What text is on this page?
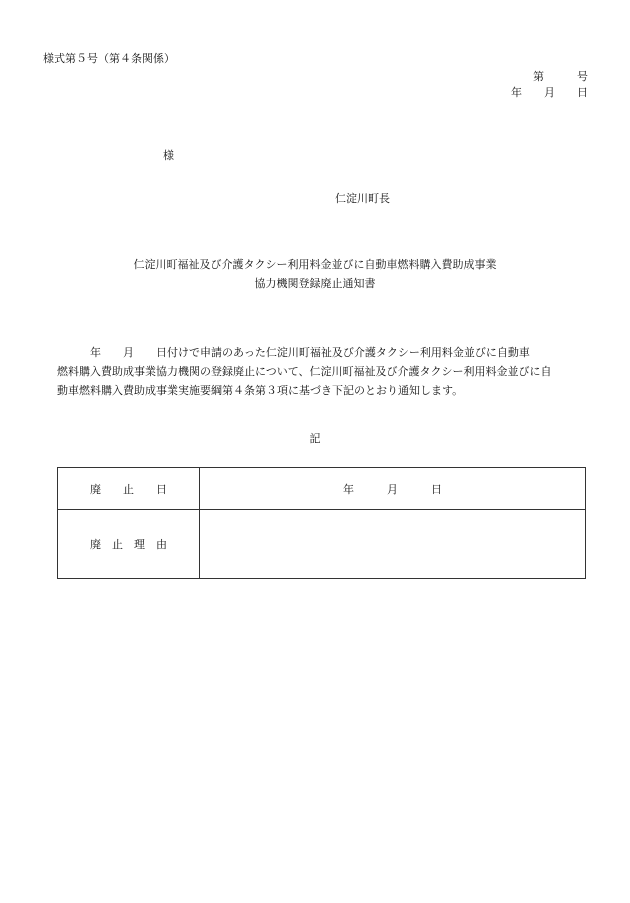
様式第５号（第４条関係）
第　　　号
年　　月　　日
様
仁淀川町長
仁淀川町福祉及び介護タクシー利用料金並びに自動車燃料購入費助成事業
協力機関登録廃止通知書

　　　年　　月　　日付けで申請のあった仁淀川町福祉及び介護タクシー利用料金並びに自動車

燃料購入費助成事業協力機関の登録廃止について、仁淀川町福祉及び介護タクシー利用料金並びに自

動車燃料購入費助成事業実施要綱第４条第３項に基づき下記のとおり通知します。

記
廃　　止　　日	年　　　月　　　日
廃　止　理　由	
